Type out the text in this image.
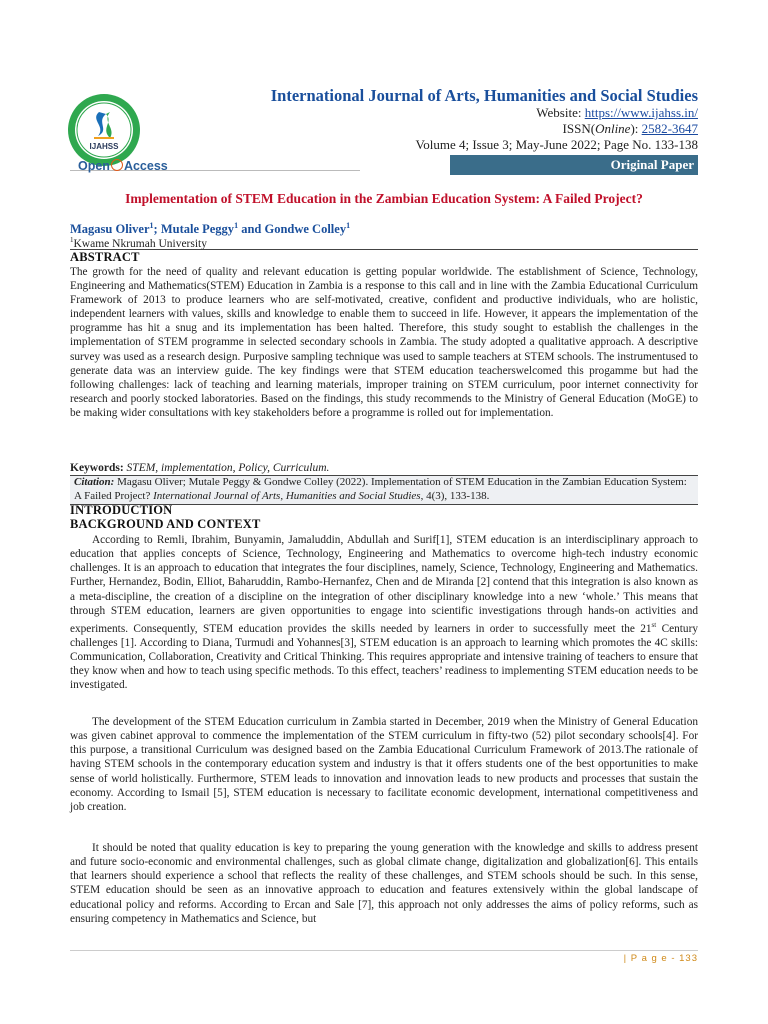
IJAHSS
International Journal of Arts, Humanities and Social Studies
Website: https://www.ijahss.in/
ISSN(Online): 2582-3647
Volume 4; Issue 3; May-June 2022; Page No. 133-138
Open Access	Original Paper
Implementation of STEM Education in the Zambian Education System: A Failed Project?
Magasu Oliver$^1$; Mutale Peggy$^1$ and Gondwe Colley$^1$
$^1$Kwame Nkrumah University
ABSTRACT
The growth for the need of quality and relevant education is getting popular worldwide. The establishment of Science, Technology, Engineering and Mathematics(STEM) Education in Zambia is a response to this call and in line with the Zambia Educational Curriculum Framework of 2013 to produce learners who are self-motivated, creative, confident and productive individuals, who are holistic, independent learners with values, skills and knowledge to enable them to succeed in life. However, it appears the implementation of the programme has hit a snug and its implementation has been halted. Therefore, this study sought to establish the challenges in the implementation of STEM programme in selected secondary schools in Zambia. The study adopted a qualitative approach. A descriptive survey was used as a research design. Purposive sampling technique was used to sample teachers at STEM schools. The instrumentused to generate data was an interview guide. The key findings were that STEM education teacherswelcomed this progamme but had the following challenges: lack of teaching and learning materials, improper training on STEM curriculum, poor internet connectivity for research and poorly stocked laboratories. Based on the findings, this study recommends to the Ministry of General Education (MoGE) to be making wider consultations with key stakeholders before a programme is rolled out for implementation.
Keywords: STEM, implementation, Policy, Curriculum.
Citation: Magasu Oliver; Mutale Peggy & Gondwe Colley (2022). Implementation of STEM Education in the Zambian Education System: A Failed Project? International Journal of Arts, Humanities and Social Studies, 4(3), 133-138.
INTRODUCTION
BACKGROUND AND CONTEXT
According to Remli, Ibrahim, Bunyamin, Jamaluddin, Abdullah and Surif[1], STEM education is an interdisciplinary approach to education that applies concepts of Science, Technology, Engineering and Mathematics to overcome high-tech industry economic challenges. It is an approach to education that integrates the four disciplines, namely, Science, Technology, Engineering and Mathematics. Further, Hernandez, Bodin, Elliot, Baharuddin, Rambo-Hernanfez, Chen and de Miranda [2] contend that this integration is also known as a meta-discipline, the creation of a discipline on the integration of other disciplinary knowledge into a new ‘whole.’ This means that through STEM education, learners are given opportunities to engage into scientific investigations through hands-on activities and experiments. Consequently, STEM education provides the skills needed by learners in order to successfully meet the 21st Century challenges [1]. According to Diana, Turmudi and Yohannes[3], STEM education is an approach to learning which promotes the 4C skills: Communication, Collaboration, Creativity and Critical Thinking. This requires appropriate and intensive training of teachers to ensure that they know when and how to teach using specific methods. To this effect, teachers’ readiness to implementing STEM education needs to be investigated.
The development of the STEM Education curriculum in Zambia started in December, 2019 when the Ministry of General Education was given cabinet approval to commence the implementation of the STEM curriculum in fifty-two (52) pilot secondary schools[4]. For this purpose, a transitional Curriculum was designed based on the Zambia Educational Curriculum Framework of 2013.The rationale of having STEM schools in the contemporary education system and industry is that it offers students one of the best opportunities to make sense of world holistically. Furthermore, STEM leads to innovation and innovation leads to new products and processes that sustain the economy. According to Ismail [5], STEM education is necessary to facilitate economic development, international competitiveness and job creation.
It should be noted that quality education is key to preparing the young generation with the knowledge and skills to address present and future socio-economic and environmental challenges, such as global climate change, digitalization and globalization[6]. This entails that learners should experience a school that reflects the reality of these challenges, and STEM schools should be such. In this sense, STEM education should be seen as an innovative approach to education and features extensively within the global landscape of educational policy and reforms. According to Ercan and Sale [7], this approach not only addresses the aims of policy reforms, such as ensuring competency in Mathematics and Science, but
| P a g e - 133
